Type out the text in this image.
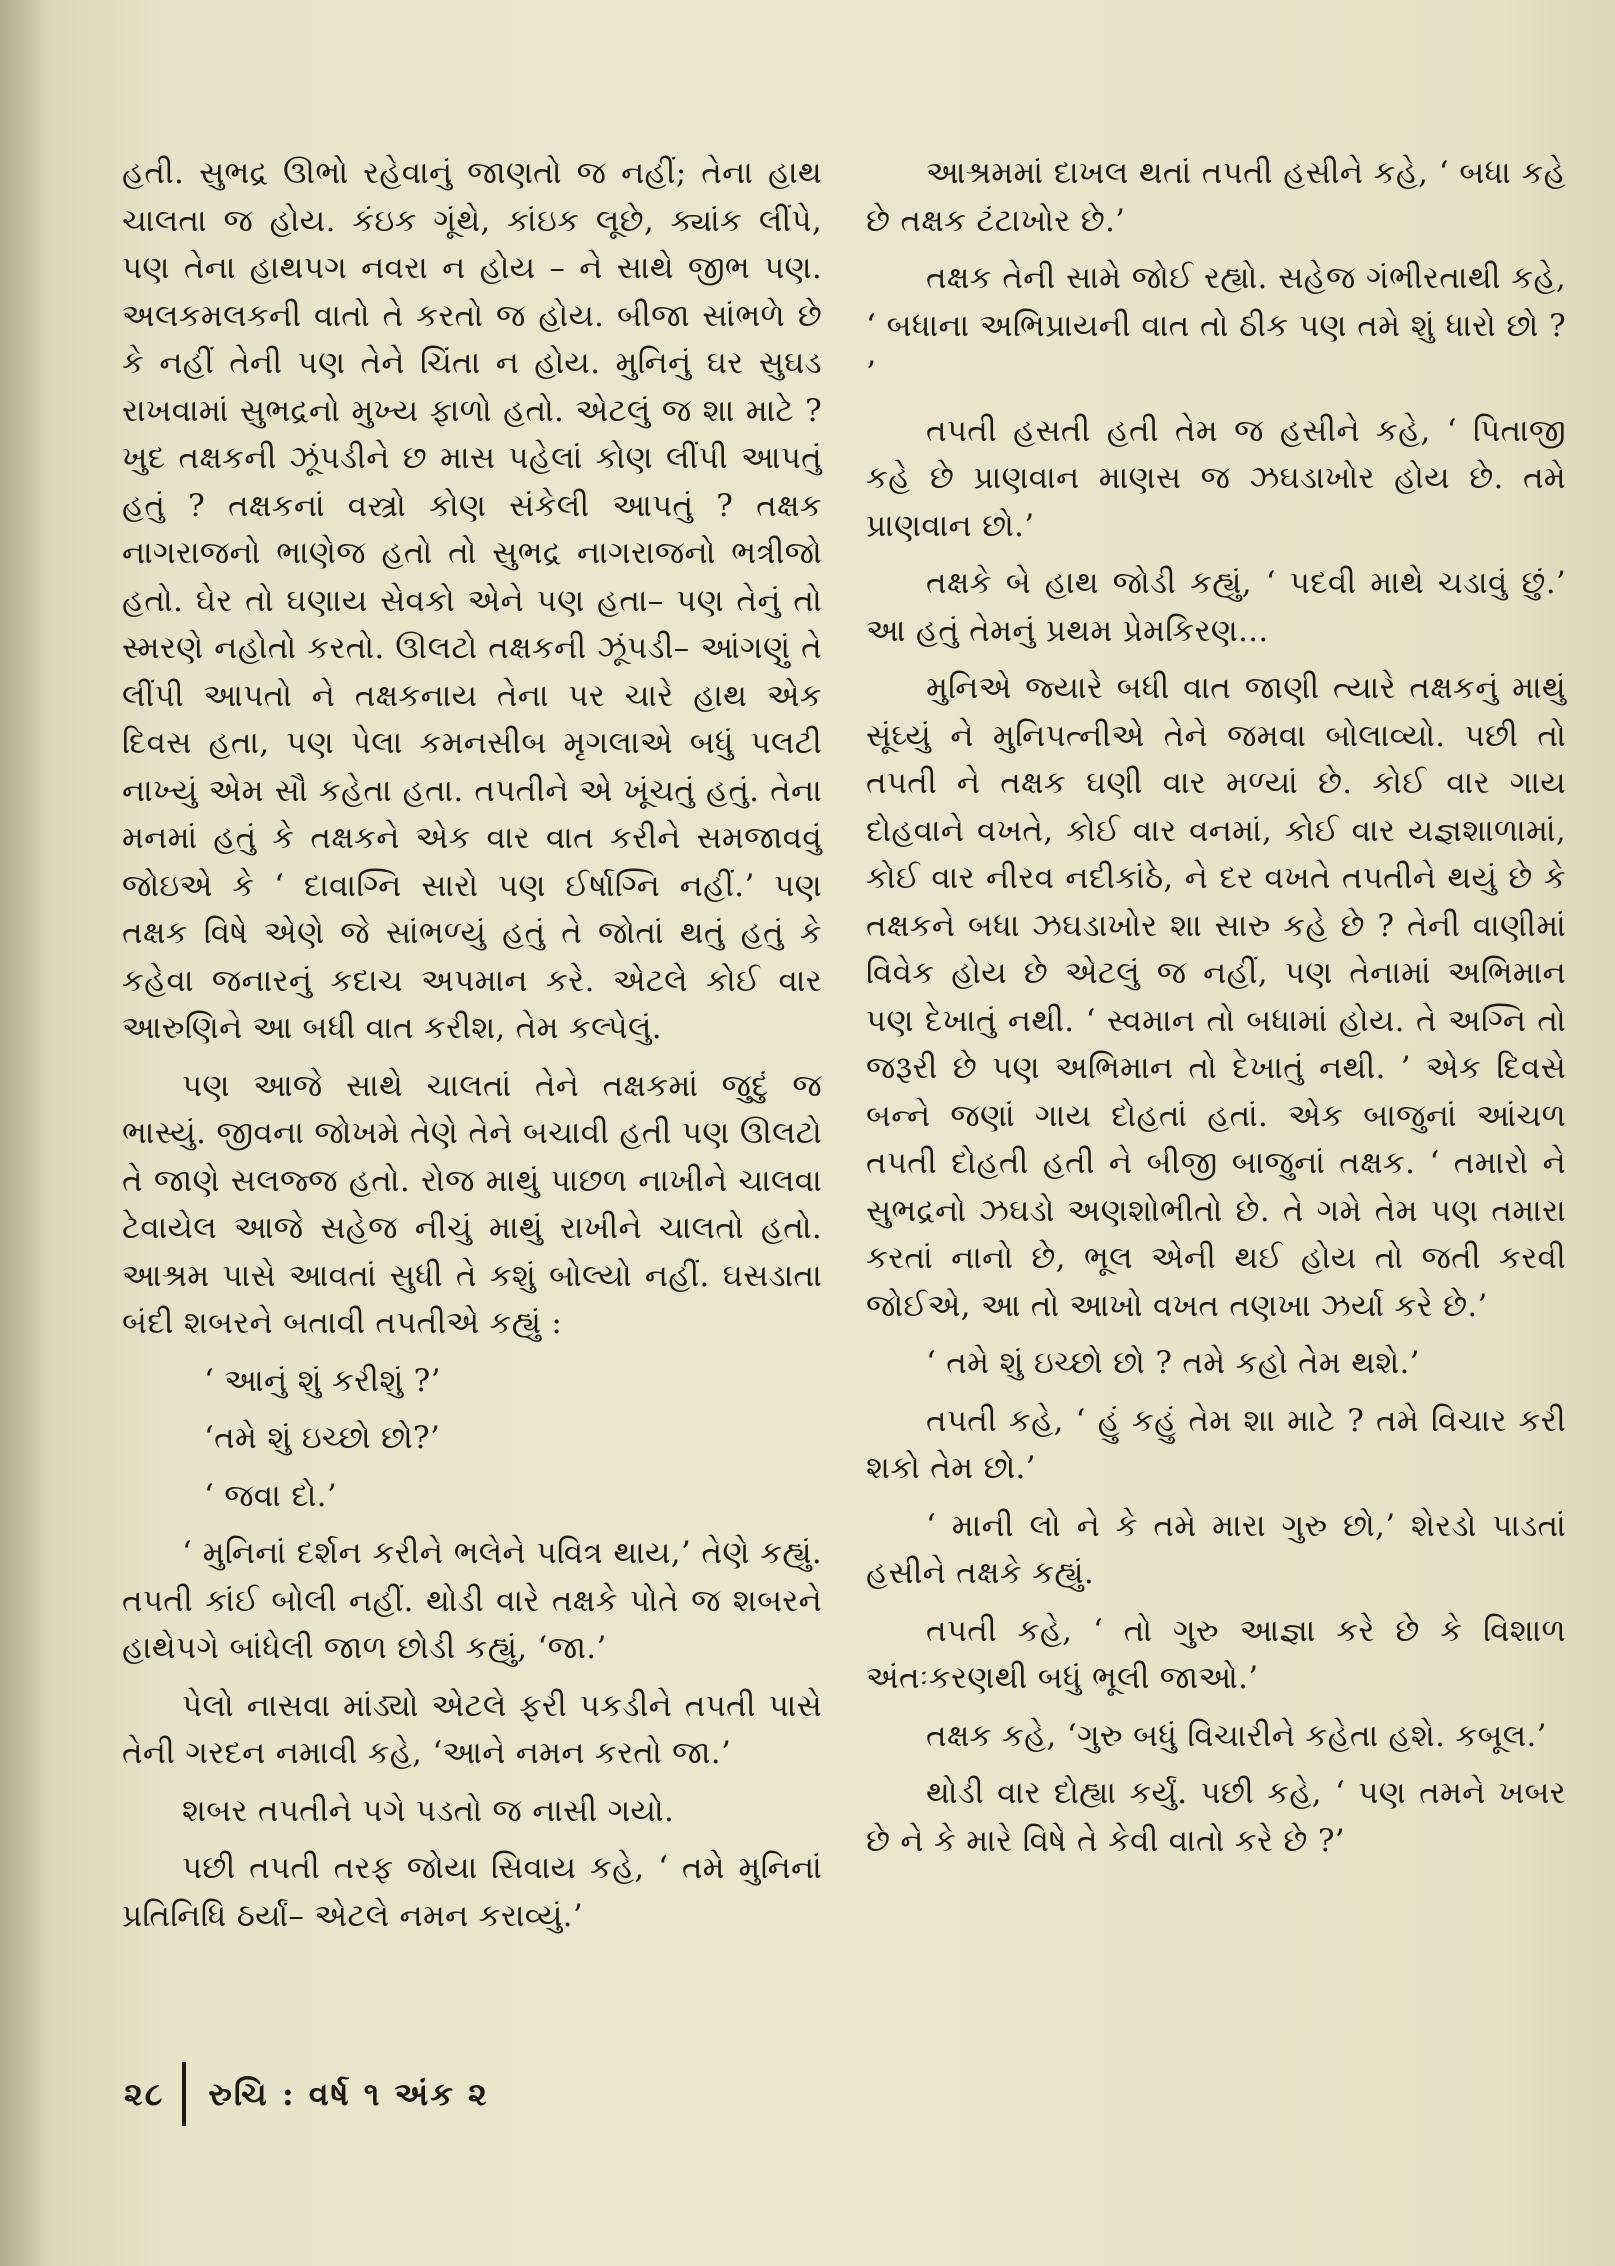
હતી. સુભદ્ર ઊભો રહેવાનું જાણતો જ નહીં; તેના હાથ ચાલતા જ હોય. કંઇક ગૂંથે, કાંઇક લૂછે, ક્યાંક લીંપે, પણ તેના હાથપગ નવરા ન હોય – ને સાથે જીભ પણ. અલકમલકની વાતો તે કરતો જ હોય. બીજા સાંભળે છે કે નહીં તેની પણ તેને ચિંતા ન હોય. મુનિનું ઘર સુઘડ રાખવામાં સુભદ્રનો મુખ્ય ફાળો હતો. એટલું જ શા માટે ? ખુદ તક્ષકની ઝૂંપડીને છ માસ પહેલાં કોણ લીંપી આપતું હતું ? તક્ષકનાં વસ્ત્રો કોણ સંકેલી આપતું ? તક્ષક નાગરાજનો ભાણેજ હતો તો સુભદ્ર નાગરાજનો ભત્રીજો હતો. ઘેર તો ઘણાય સેવકો એને પણ હતા– પણ તેનું તો સ્મરણે નહોતો કરતો. ઊલટો તક્ષકની ઝૂંપડી– આંગણું તે લીંપી આપતો ને તક્ષકનાય તેના પર ચારે હાથ એક દિવસ હતા, પણ પેલા કમનસીબ મૃગલાએ બધું પલટી નાખ્યું એમ સૌ કહેતા હતા. તપતીને એ ખૂંચતું હતું. તેના મનમાં હતું કે તક્ષકને એક વાર વાત કરીને સમજાવવું જોઇએ કે ‘ દાવાગ્નિ સારો પણ ઈર્ષાગ્નિ નહીં.’ પણ તક્ષક વિષે એણે જે સાંભળ્યું હતું તે જોતાં થતું હતું કે કહેવા જનારનું કદાચ અપમાન કરે. એટલે કોઈ વાર આરુણિને આ બધી વાત કરીશ, તેમ કલ્પેલું.

પણ આજે સાથે ચાલતાં તેને તક્ષકમાં જુદું જ ભાસ્યું. જીવના જોખમે તેણે તેને બચાવી હતી પણ ઊલટો તે જાણે સલજ્જ હતો. રોજ માથું પાછળ નાખીને ચાલવા ટેવાયેલ આજે સહેજ નીચું માથું રાખીને ચાલતો હતો. આશ્રમ પાસે આવતાં સુધી તે કશું બોલ્યો નહીં. ઘસડાતા બંદી શબરને બતાવી તપતીએ કહ્યું :

‘ આનું શું કરીશું ?’

‘તમે શું ઇચ્છો છો?’

‘ જવા દો.’

‘ મુનિનાં દર્શન કરીને ભલેને પવિત્ર થાય,’ તેણે કહ્યું. તપતી કાંઈ બોલી નહીં. થોડી વારે તક્ષકે પોતે જ શબરને હાથેપગે બાંધેલી જાળ છોડી કહ્યું, ‘જા.’

પેલો નાસવા માંડ્યો એટલે ફરી પકડીને તપતી પાસે તેની ગરદન નમાવી કહે, ‘આને નમન કરતો જા.’

શબર તપતીને પગે પડતો જ નાસી ગયો.

પછી તપતી તરફ જોયા સિવાય કહે, ‘ તમે મુનિનાં પ્રતિનિધિ ઠર્યાં– એટલે નમન કરાવ્યું.’

આશ્રમમાં દાખલ થતાં તપતી હસીને કહે, ‘ બધા કહે છે તક્ષક ટંટાખોર છે.’

તક્ષક તેની સામે જોઈ રહ્યો. સહેજ ગંભીરતાથી કહે, ‘ બધાના અભિપ્રાયની વાત તો ઠીક પણ તમે શું ધારો છો ? ’

તપતી હસતી હતી તેમ જ હસીને કહે, ‘ પિતાજી કહે છે પ્રાણવાન માણસ જ ઝઘડાખોર હોય છે. તમે પ્રાણવાન છો.’

તક્ષકે બે હાથ જોડી કહ્યું, ‘ પદવી માથે ચડાવું છું.’ આ હતું તેમનું પ્રથમ પ્રેમકિરણ...

મુનિએ જ્યારે બધી વાત જાણી ત્યારે તક્ષકનું માથું સૂંઘ્યું ને મુનિપત્નીએ તેને જમવા બોલાવ્યો. પછી તો તપતી ને તક્ષક ઘણી વાર મળ્યાં છે. કોઈ વાર ગાય દોહવાને વખતે, કોઈ વાર વનમાં, કોઈ વાર યજ્ઞશાળામાં, કોઈ વાર નીરવ નદીકાંઠે, ને દર વખતે તપતીને થયું છે કે તક્ષકને બધા ઝઘડાખોર શા સારુ કહે છે ? તેની વાણીમાં વિવેક હોય છે એટલું જ નહીં, પણ તેનામાં અભિમાન પણ દેખાતું નથી. ‘ સ્વમાન તો બધામાં હોય. તે અગ્નિ તો જરૂરી છે પણ અભિમાન તો દેખાતું નથી. ’ એક દિવસે બન્ને જણાં ગાય દોહતાં હતાં. એક બાજુનાં આંચળ તપતી દોહતી હતી ને બીજી બાજુનાં તક્ષક. ‘ તમારો ને સુભદ્રનો ઝઘડો અણશોભીતો છે. તે ગમે તેમ પણ તમારા કરતાં નાનો છે, ભૂલ એની થઈ હોય તો જતી કરવી જોઈએ, આ તો આખો વખત તણખા ઝર્યા કરે છે.’

‘ તમે શું ઇચ્છો છો ? તમે કહો તેમ થશે.’

તપતી કહે, ‘ હું કહું તેમ શા માટે ? તમે વિચાર કરી શકો તેમ છો.’

‘ માની લો ને કે તમે મારા ગુરુ છો,’ શેરડો પાડતાં હસીને તક્ષકે કહ્યું.

તપતી કહે, ‘ તો ગુરુ આજ્ઞા કરે છે કે વિશાળ અંતઃકરણથી બધું ભૂલી જાઓ.’

તક્ષક કહે, ‘ગુરુ બધું વિચારીને કહેતા હશે. કબૂલ.’

થોડી વાર દોહ્યા કર્યું. પછી કહે, ‘ પણ તમને ખબર છે ને કે મારે વિષે તે કેવી વાતો કરે છે ?’

૨૮ રુચિ : વર્ષ ૧ અંક ૨
